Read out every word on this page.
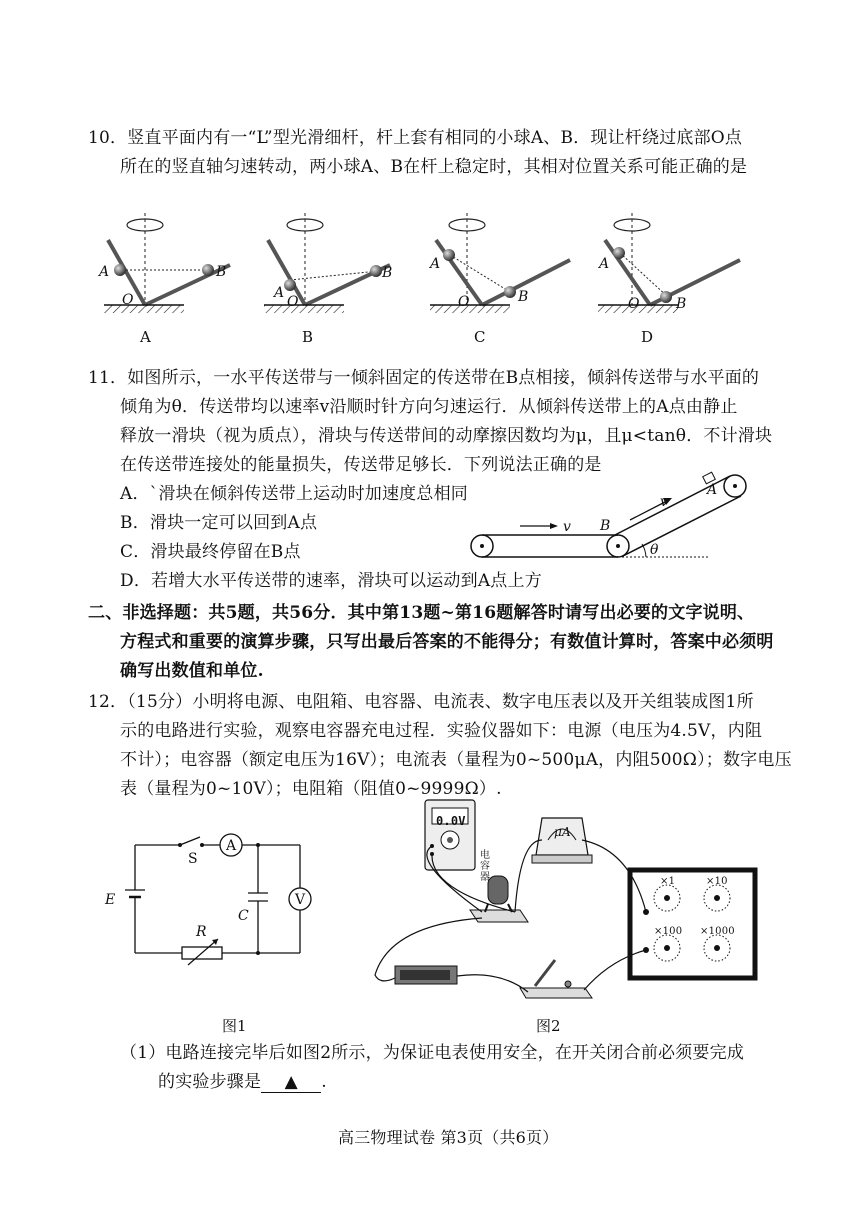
10．竖直平面内有一“L”型光滑细杆，杆上套有相同的小球A、B．现让杆绕过底部O点
所在的竖直轴匀速转动，两小球A、B在杆上稳定时，其相对位置关系可能正确的是
A	B
O	A
B
O
A
B
O
A
B
O
A	B	C	D
11．如图所示，一水平传送带与一倾斜固定的传送带在B点相接，倾斜传送带与水平面的
倾角为θ．传送带均以速率v沿顺时针方向匀速运行．从倾斜传送带上的A点由静止
释放一滑块（视为质点），滑块与传送带间的动摩擦因数均为μ，且μ<tanθ．不计滑块
在传送带连接处的能量损失，传送带足够长．下列说法正确的是
A．`滑块在倾斜传送带上运动时加速度总相同
B．滑块一定可以回到A点
C．滑块最终停留在B点
D．若增大水平传送带的速率，滑块可以运动到A点上方
v B
v
A
θ
二、非选择题：共5题，共56分．其中第13题~第16题解答时请写出必要的文字说明、
方程式和重要的演算步骤，只写出最后答案的不能得分；有数值计算时，答案中必须明
确写出数值和单位.
12．（15分）小明将电源、电阻箱、电容器、电流表、数字电压表以及开关组装成图1所
示的电路进行实验，观察电容器充电过程．实验仪器如下：电源（电压为4.5V，内阻
不计）；电容器（额定电压为16V）；电流表（量程为0~500μA，内阻500Ω）；数字电压
表（量程为0~10V）；电阻箱（阻值0~9999Ω）.
S
A
E
C
V
R
图1
0.0V
μA
电容器	×1	×10
×100 ×1000
图2
（1）电路连接完毕后如图2所示，为保证电表使用安全，在开关闭合前必须要完成
的实验步骤是 ▲ .
高三物理试卷 第3页（共6页）
